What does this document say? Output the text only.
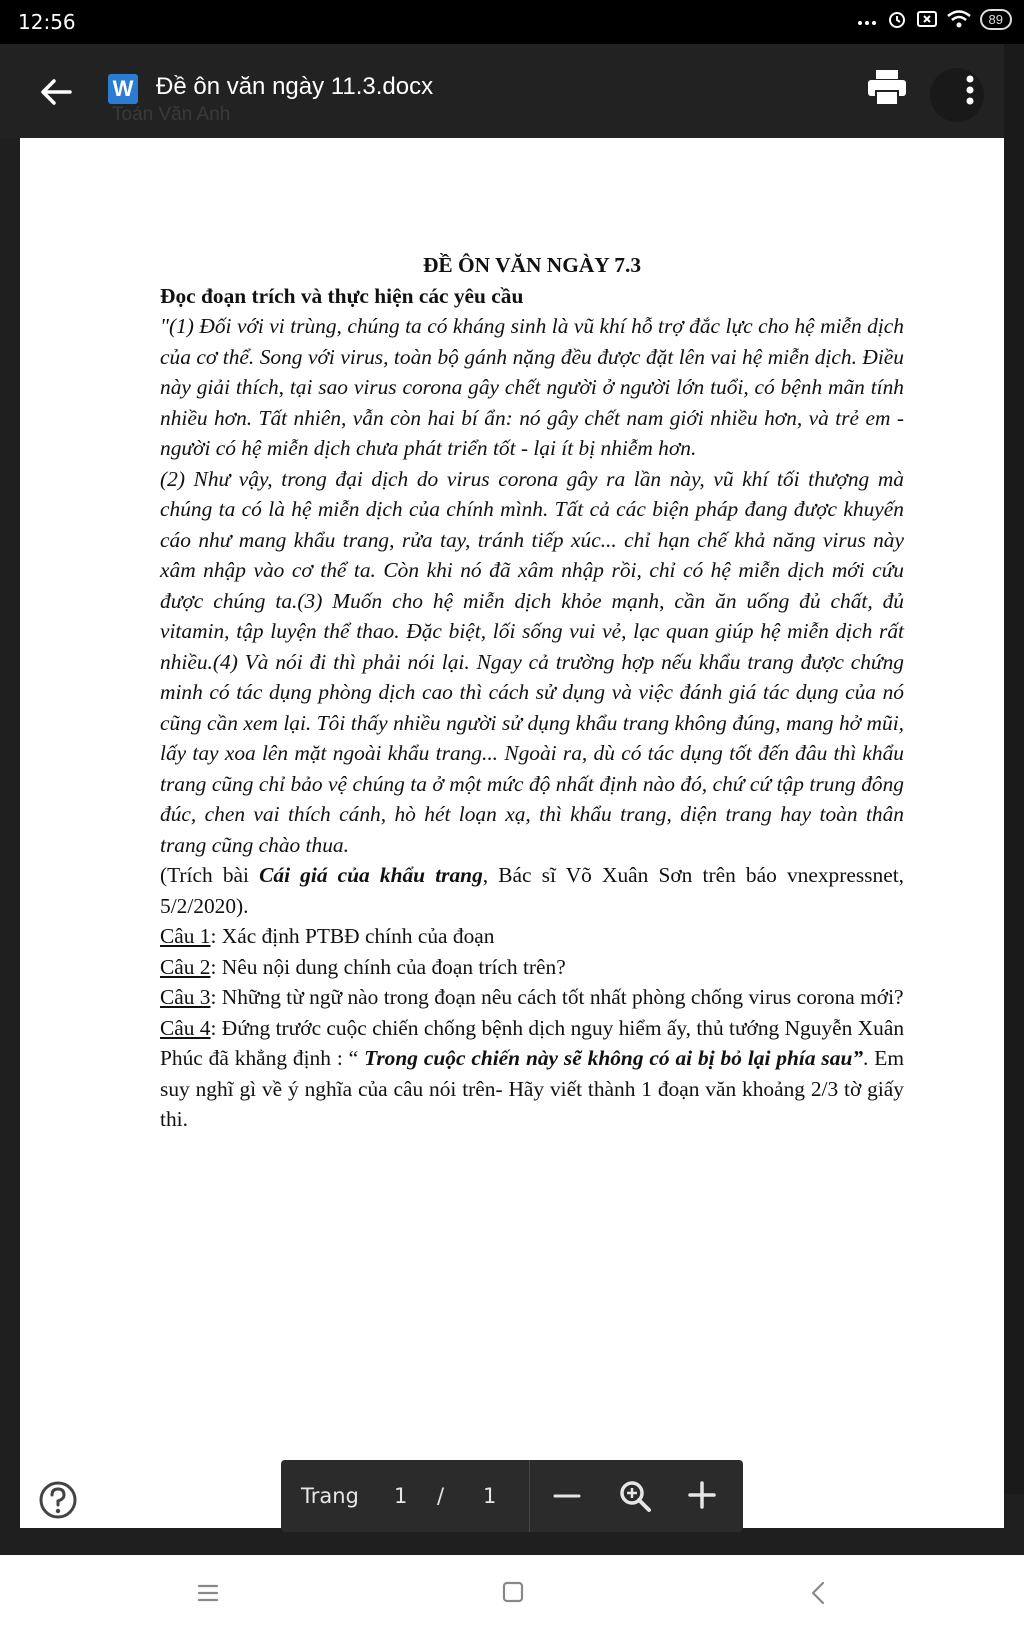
12:56	89
W
Toán Văn Anh
Đề ôn văn ngày 11.3.docx

ĐỀ ÔN VĂN NGÀY 7.3

Đọc đoạn trích và thực hiện các yêu cầu

"(1) Đối với vi trùng, chúng ta có kháng sinh là vũ khí hỗ trợ đắc lực cho hệ miễn dịch của cơ thể. Song với virus, toàn bộ gánh nặng đều được đặt lên vai hệ miễn dịch. Điều này giải thích, tại sao virus corona gây chết người ở người lớn tuổi, có bệnh mãn tính nhiều hơn. Tất nhiên, vẫn còn hai bí ẩn: nó gây chết nam giới nhiều hơn, và trẻ em - người có hệ miễn dịch chưa phát triển tốt - lại ít bị nhiễm hơn.

(2) Như vậy, trong đại dịch do virus corona gây ra lần này, vũ khí tối thượng mà chúng ta có là hệ miễn dịch của chính mình. Tất cả các biện pháp đang được khuyến cáo như mang khẩu trang, rửa tay, tránh tiếp xúc... chỉ hạn chế khả năng virus này xâm nhập vào cơ thể ta. Còn khi nó đã xâm nhập rồi, chỉ có hệ miễn dịch mới cứu được chúng ta.(3) Muốn cho hệ miễn dịch khỏe mạnh, cần ăn uống đủ chất, đủ vitamin, tập luyện thể thao. Đặc biệt, lối sống vui vẻ, lạc quan giúp hệ miễn dịch rất nhiều.(4) Và nói đi thì phải nói lại. Ngay cả trường hợp nếu khẩu trang được chứng minh có tác dụng phòng dịch cao thì cách sử dụng và việc đánh giá tác dụng của nó cũng cần xem lại. Tôi thấy nhiều người sử dụng khẩu trang không đúng, mang hở mũi, lấy tay xoa lên mặt ngoài khẩu trang... Ngoài ra, dù có tác dụng tốt đến đâu thì khẩu trang cũng chỉ bảo vệ chúng ta ở một mức độ nhất định nào đó, chứ cứ tập trung đông đúc, chen vai thích cánh, hò hét loạn xạ, thì khẩu trang, diện trang hay toàn thân trang cũng chào thua.

(Trích bài Cái giá của khẩu trang, Bác sĩ Võ Xuân Sơn trên báo vnexpressnet, 5/2/2020).

Câu 1: Xác định PTBĐ chính của đoạn

Câu 2: Nêu nội dung chính của đoạn trích trên?

Câu 3: Những từ ngữ nào trong đoạn nêu cách tốt nhất phòng chống virus corona mới?

Câu 4: Đứng trước cuộc chiến chống bệnh dịch nguy hiểm ấy, thủ tướng Nguyễn Xuân Phúc đã khẳng định : “ Trong cuộc chiến này sẽ không có ai bị bỏ lại phía sau”. Em suy nghĩ gì về ý nghĩa của câu nói trên- Hãy viết thành 1 đoạn văn khoảng 2/3 tờ giấy thi.

Trang 1 / 1
